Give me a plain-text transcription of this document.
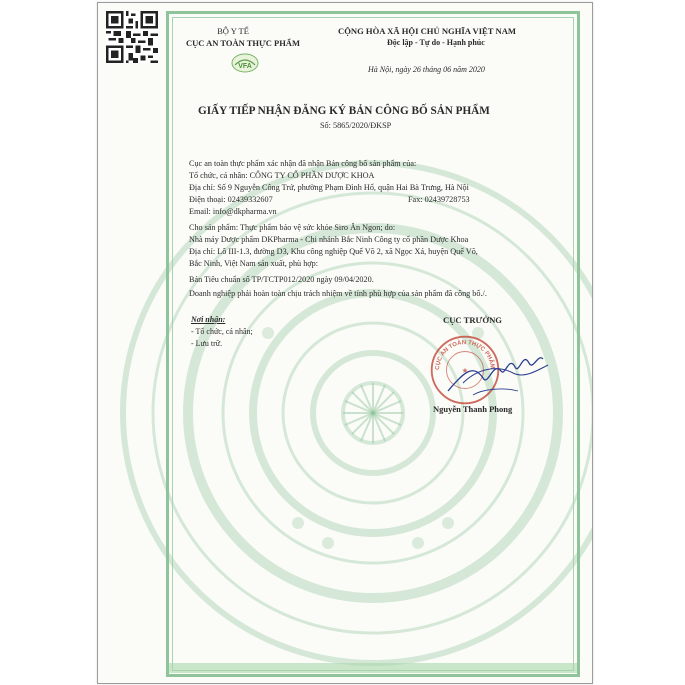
BỘ Y TẾ
CỤC AN TOÀN THỰC PHẨM
VFA
CỘNG HÒA XÃ HỘI CHỦ NGHĨA VIỆT NAM
Độc lập - Tự do - Hạnh phúc
Hà Nội, ngày 26 tháng 06 năm 2020
GIẤY TIẾP NHẬN ĐĂNG KÝ BẢN CÔNG BỐ SẢN PHẨM
Số: 5865/2020/ĐKSP
Cục an toàn thực phẩm xác nhận đã nhận Bản công bố sản phẩm của:
Tổ chức, cá nhân: CÔNG TY CỔ PHẦN DƯỢC KHOA
Địa chỉ: Số 9 Nguyễn Công Trứ, phường Phạm Đình Hổ, quận Hai Bà Trưng, Hà Nội
Điện thoại: 02439332607	Fax: 02439728753
Email: info@dkpharma.vn
Cho sản phẩm: Thực phẩm bảo vệ sức khỏe Siro Ăn Ngon; do:
Nhà máy Dược phẩm DKPharma - Chi nhánh Bắc Ninh Công ty cổ phần Dược Khoa
Địa chỉ: Lô III-1.3, đường D3, Khu công nghiệp Quế Võ 2, xã Ngọc Xá, huyện Quế Võ,
Bắc Ninh, Việt Nam sản xuất, phù hợp:
Bản Tiêu chuẩn số TP/TCTP012/2020 ngày 09/04/2020.
Doanh nghiệp phải hoàn toàn chịu trách nhiệm về tính phù hợp của sản phẩm đã công bố./.
Nơi nhận:
- Tổ chức, cá nhân;
- Lưu trữ.
CỤC TRƯỞNG
CỤC AN TOÀN THỰC PHẨM
★
Nguyễn Thanh Phong
